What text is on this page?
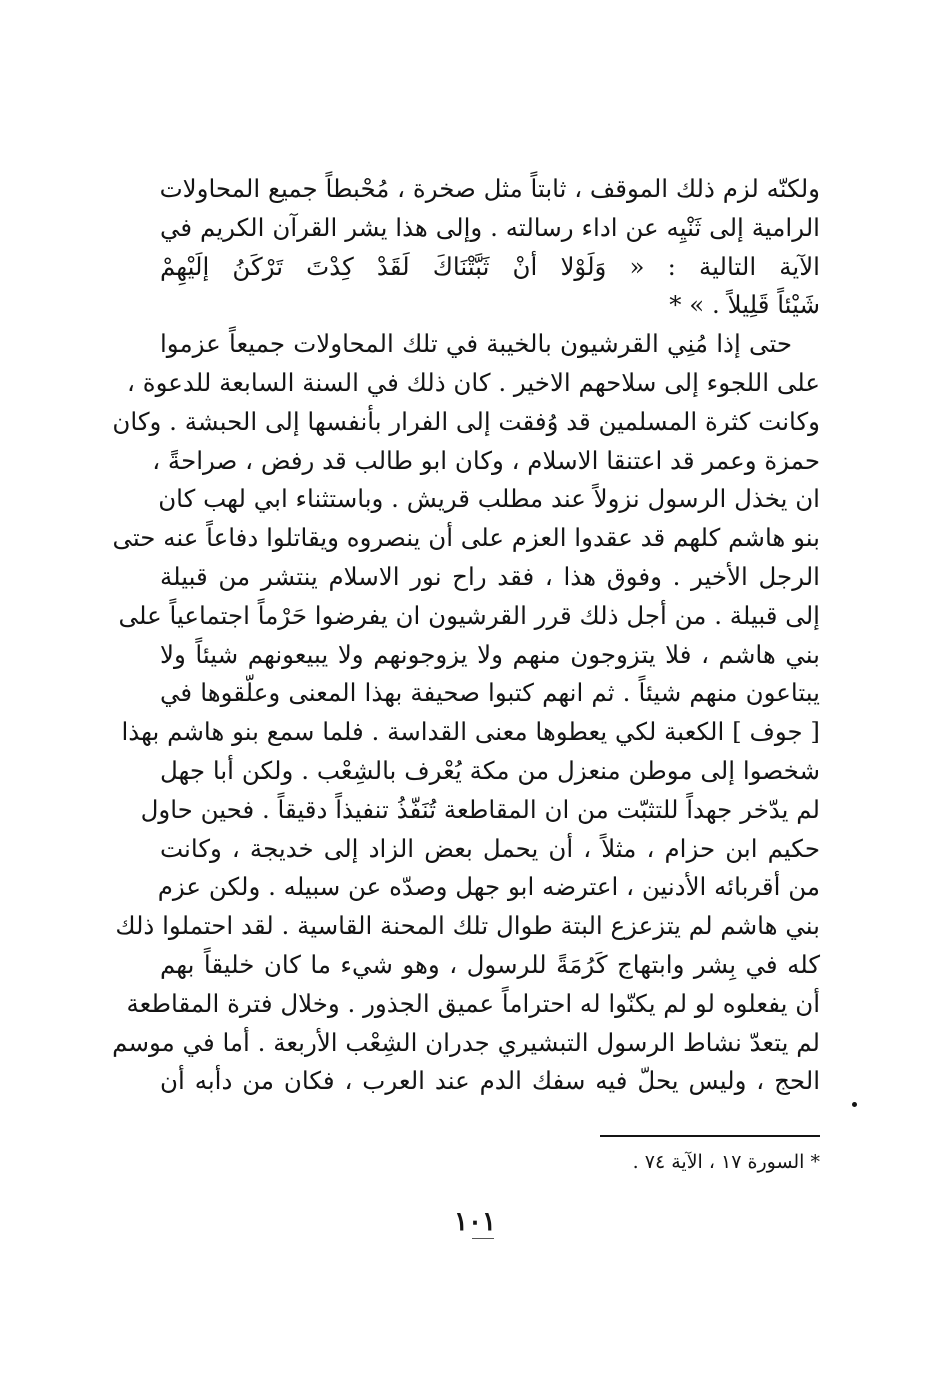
ولكنّه لزم ذلك الموقف ، ثابتاً مثل صخرة ، مُحْبطاً جميع المحاولات
الرامية إلى ثَنْيِه عن اداء رسالته . وإلى هذا يشر القرآن الكريم في
الآية التالية : « وَلَوْلا أنْ ثَبَّتْنَاكَ لَقَدْ كِدْتَ تَرْكَنُ إلَيْهِمْ
شَيْئاً قَلِيلاً . » *
حتى إذا مُنِي القرشيون بالخيبة في تلك المحاولات جميعاً عزموا
على اللجوء إلى سلاحهم الاخير . كان ذلك في السنة السابعة للدعوة ،
وكانت كثرة المسلمين قد وُفقت إلى الفرار بأنفسها إلى الحبشة . وكان
حمزة وعمر قد اعتنقا الاسلام ، وكان ابو طالب قد رفض ، صراحةً ،
ان يخذل الرسول نزولاً عند مطلب قريش . وباستثناء ابي لهب كان
بنو هاشم كلهم قد عقدوا العزم على أن ينصروه ويقاتلوا دفاعاً عنه حتى
الرجل الأخير . وفوق هذا ، فقد راح نور الاسلام ينتشر من قبيلة
إلى قبيلة . من أجل ذلك قرر القرشيون ان يفرضوا حَرْماً اجتماعياً على
بني هاشم ، فلا يتزوجون منهم ولا يزوجونهم ولا يبيعونهم شيئاً ولا
يبتاعون منهم شيئاً . ثم انهم كتبوا صحيفة بهذا المعنى وعلّقوها في
[ جوف ] الكعبة لكي يعطوها معنى القداسة . فلما سمع بنو هاشم بهذا
شخصوا إلى موطن منعزل من مكة يُعْرف بالشِعْب . ولكن أبا جهل
لم يدّخر جهداً للتثبّت من ان المقاطعة تُنَفّذُ تنفيذاً دقيقاً . فحين حاول
حكيم ابن حزام ، مثلاً ، أن يحمل بعض الزاد إلى خديجة ، وكانت
من أقربائه الأدنين ، اعترضه ابو جهل وصدّه عن سبيله . ولكن عزم
بني هاشم لم يتزعزع البتة طوال تلك المحنة القاسية . لقد احتملوا ذلك
كله في بِشر وابتهاج كَرُمَةً للرسول ، وهو شيء ما كان خليقاً بهم
أن يفعلوه لو لم يكنّوا له احتراماً عميق الجذور . وخلال فترة المقاطعة
لم يتعدّ نشاط الرسول التبشيري جدران الشِعْب الأربعة . أما في موسم
الحج ، وليس يحلّ فيه سفك الدم عند العرب ، فكان من دأبه أن
* السورة ١٧ ، الآية ٧٤ .
١٠١
